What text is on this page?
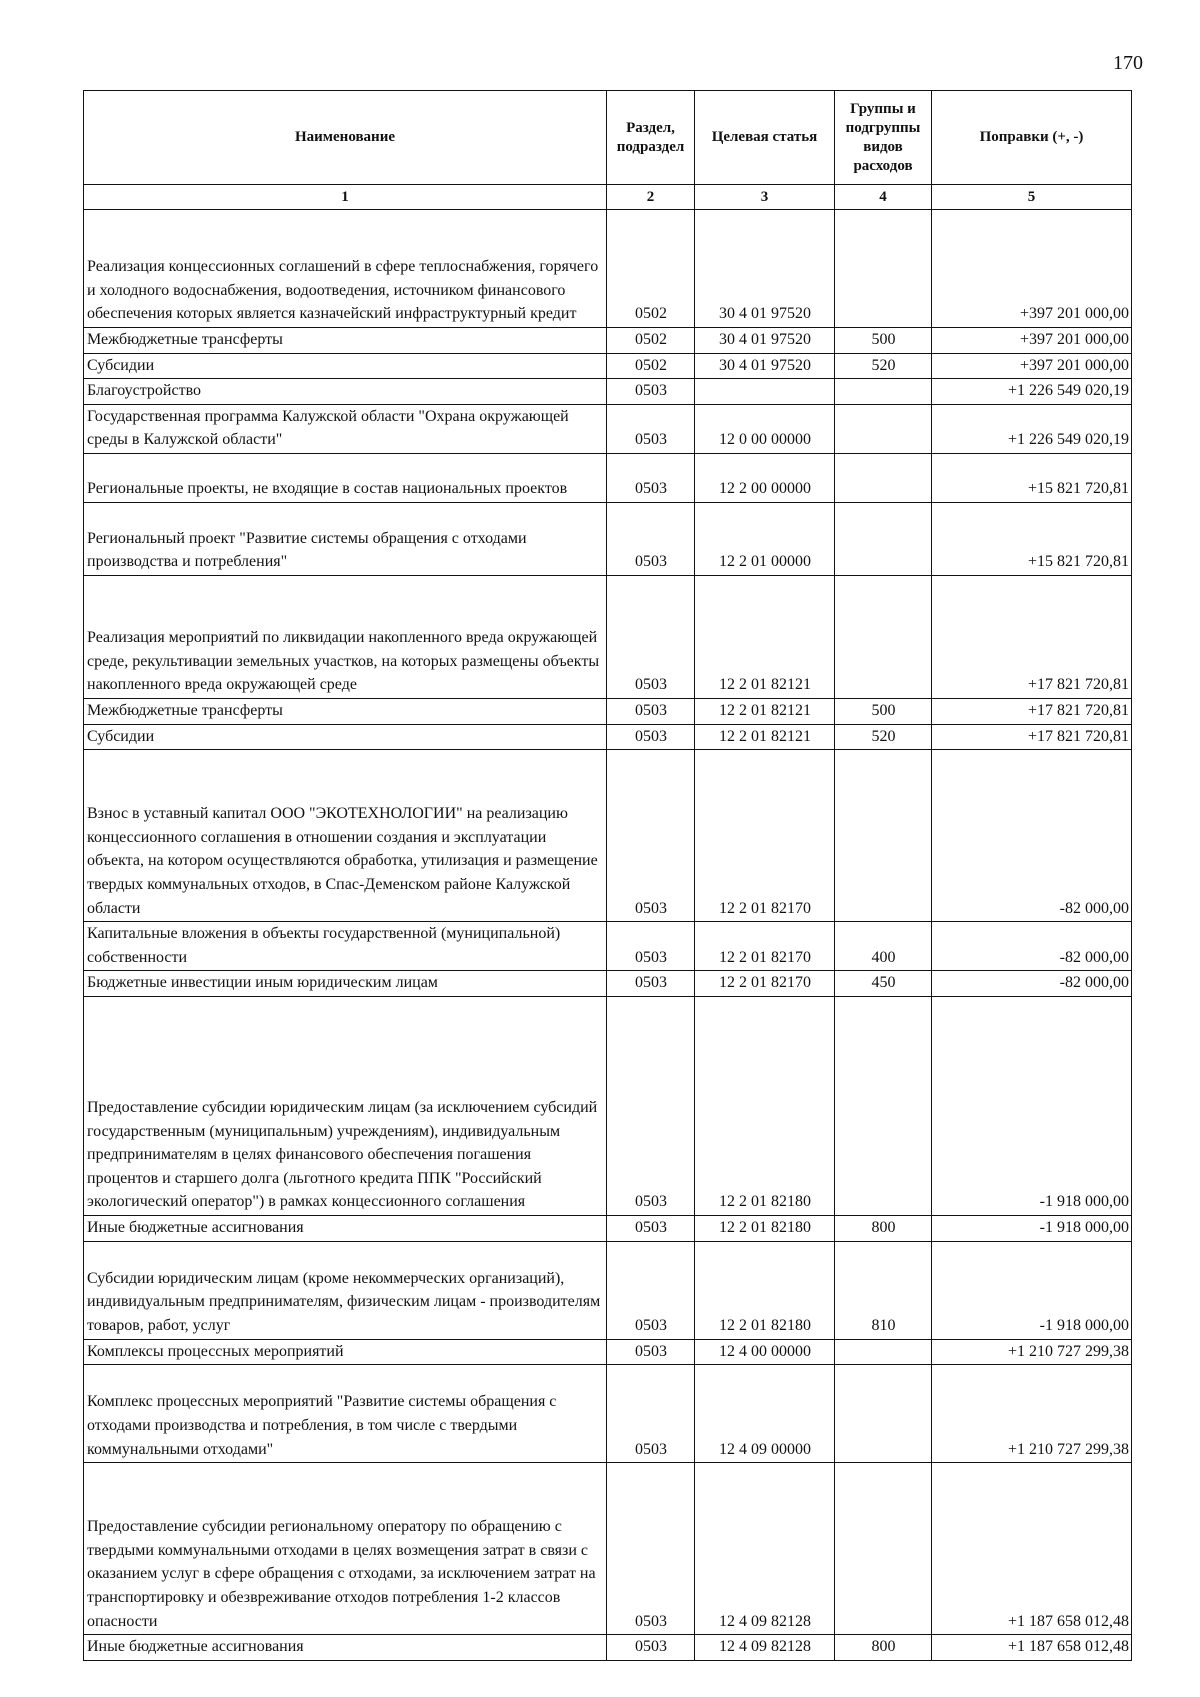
170
Наименование	Раздел, подраздел	Целевая статья	Группы и подгруппы видов расходов	Поправки (+, -)
1	2	3	4	5
Реализация концессионных соглашений в сфере теплоснабжения, горячего и холодного водоснабжения, водоотведения, источником финансового обеспечения которых является казначейский инфраструктурный кредит	0502	30 4 01 97520		+397 201 000,00
Межбюджетные трансферты	0502	30 4 01 97520	500	+397 201 000,00
Субсидии	0502	30 4 01 97520	520	+397 201 000,00
Благоустройство	0503			+1 226 549 020,19
Государственная программа Калужской области "Охрана окружающей среды в Калужской области"	0503	12 0 00 00000		+1 226 549 020,19
Региональные проекты, не входящие в состав национальных проектов	0503	12 2 00 00000		+15 821 720,81
Региональный проект "Развитие системы обращения с отходами производства и потребления"	0503	12 2 01 00000		+15 821 720,81
Реализация мероприятий по ликвидации накопленного вреда окружающей среде, рекультивации земельных участков, на которых размещены объекты накопленного вреда окружающей среде	0503	12 2 01 82121		+17 821 720,81
Межбюджетные трансферты	0503	12 2 01 82121	500	+17 821 720,81
Субсидии	0503	12 2 01 82121	520	+17 821 720,81
Взнос в уставный капитал ООО "ЭКОТЕХНОЛОГИИ" на реализацию концессионного соглашения в отношении создания и эксплуатации объекта, на котором осуществляются обработка, утилизация и размещение твердых коммунальных отходов, в Спас-Деменском районе Калужской области	0503	12 2 01 82170		-82 000,00
Капитальные вложения в объекты государственной (муниципальной) собственности	0503	12 2 01 82170	400	-82 000,00
Бюджетные инвестиции иным юридическим лицам	0503	12 2 01 82170	450	-82 000,00
Предоставление субсидии юридическим лицам (за исключением субсидий государственным (муниципальным) учреждениям), индивидуальным предпринимателям в целях финансового обеспечения погашения процентов и старшего долга (льготного кредита ППК "Российский экологический оператор") в рамках концессионного соглашения	0503	12 2 01 82180		-1 918 000,00
Иные бюджетные ассигнования	0503	12 2 01 82180	800	-1 918 000,00
Субсидии юридическим лицам (кроме некоммерческих организаций), индивидуальным предпринимателям, физическим лицам - производителям товаров, работ, услуг	0503	12 2 01 82180	810	-1 918 000,00
Комплексы процессных мероприятий	0503	12 4 00 00000		+1 210 727 299,38
Комплекс процессных мероприятий "Развитие системы обращения с отходами производства и потребления, в том числе с твердыми коммунальными отходами"	0503	12 4 09 00000		+1 210 727 299,38
Предоставление субсидии региональному оператору по обращению с твердыми коммунальными отходами в целях возмещения затрат в связи с оказанием услуг в сфере обращения с отходами, за исключением затрат на транспортировку и обезвреживание отходов потребления 1-2 классов опасности	0503	12 4 09 82128		+1 187 658 012,48
Иные бюджетные ассигнования	0503	12 4 09 82128	800	+1 187 658 012,48
